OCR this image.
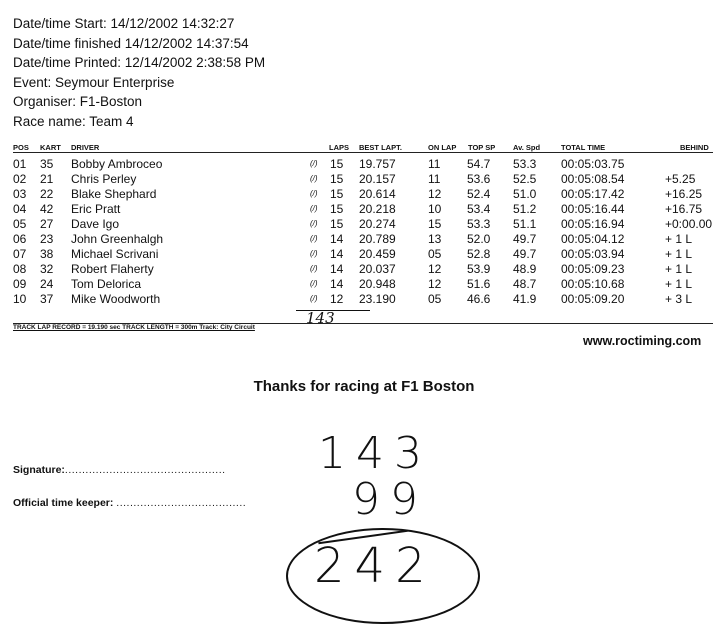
Date/time Start: 14/12/2002 14:32:27
Date/time finished 14/12/2002 14:37:54
Date/time Printed: 12/14/2002 2:38:58 PM
Event: Seymour Enterprise
Organiser: F1-Boston
Race name: Team 4
POS KART DRIVER	LAPS BEST LAPT.	ON LAP TOP SP Av. Spd	TOTAL TIME	BEHIND
01 35 Bobby Ambroceo	(/) 15 19.757	11 54.7 53.3 00:05:03.75
02 21 Chris Perley	(/) 15 20.157	11 53.6 52.5 00:05:08.54	+5.25
03 22 Blake Shephard	(/) 15 20.614	12 52.4 51.0 00:05:17.42	+16.25
04 42 Eric Pratt	(/) 15 20.218	10 53.4 51.2 00:05:16.44	+16.75
05 27 Dave Igo	(/) 15 20.274	15 53.3 51.1 00:05:16.94	+0:00.00
06 23 John Greenhalgh	(/) 14 20.789	13 52.0 49.7 00:05:04.12	+ 1 L
07 38 Michael Scrivani	(/) 14 20.459	05 52.8 49.7 00:05:03.94	+ 1 L
08 32 Robert Flaherty	(/) 14 20.037	12 53.9 48.9 00:05:09.23	+ 1 L
09 24 Tom Delorica	(/) 14 20.948	12 51.6 48.7 00:05:10.68	+ 1 L
10 37 Mike Woodworth	(/) 12 23.190	05 46.6 41.9 00:05:09.20	+ 3 L
143
TRACK LAP RECORD = 19.190 sec TRACK LENGTH = 300m Track: City Circuit
www.roctiming.com
Thanks for racing at F1 Boston
Signature:...............................................
Official time keeper: ......................................
143
99
242
